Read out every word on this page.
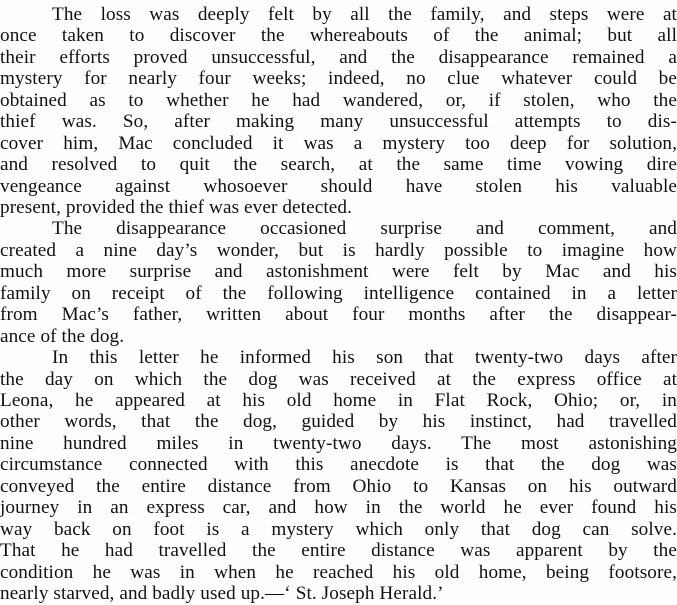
The loss was deeply felt by all the family, and steps were at
once taken to discover the whereabouts of the animal; but all
their efforts proved unsuccessful, and the disappearance remained a
mystery for nearly four weeks; indeed, no clue whatever could be
obtained as to whether he had wandered, or, if stolen, who the
thief was. So, after making many unsuccessful attempts to dis-
cover him, Mac concluded it was a mystery too deep for solution,
and resolved to quit the search, at the same time vowing dire
vengeance against whosoever should have stolen his valuable
present, provided the thief was ever detected.
The disappearance occasioned surprise and comment, and
created a nine day’s wonder, but is hardly possible to imagine how
much more surprise and astonishment were felt by Mac and his
family on receipt of the following intelligence contained in a letter
from Mac’s father, written about four months after the disappear-
ance of the dog.
In this letter he informed his son that twenty-two days after
the day on which the dog was received at the express office at
Leona, he appeared at his old home in Flat Rock, Ohio; or, in
other words, that the dog, guided by his instinct, had travelled
nine hundred miles in twenty-two days. The most astonishing
circumstance connected with this anecdote is that the dog was
conveyed the entire distance from Ohio to Kansas on his outward
journey in an express car, and how in the world he ever found his
way back on foot is a mystery which only that dog can solve.
That he had travelled the entire distance was apparent by the
condition he was in when he reached his old home, being footsore,
nearly starved, and badly used up.—‘ St. Joseph Herald.’
